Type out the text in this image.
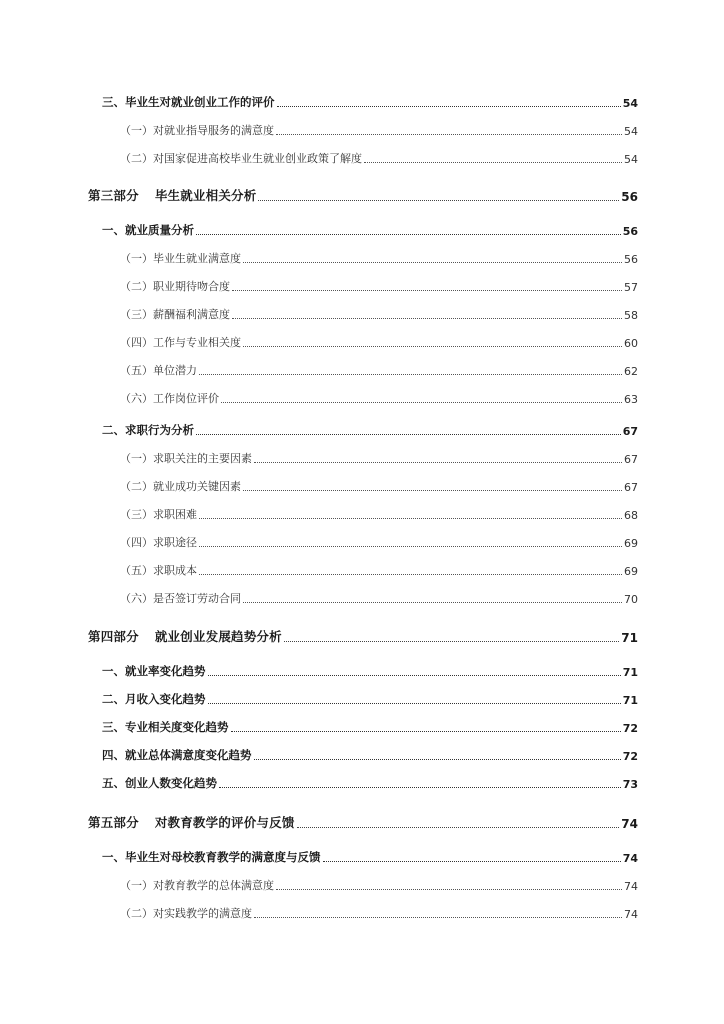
三、毕业生对就业创业工作的评价	54
（一）对就业指导服务的满意度	54
（二）对国家促进高校毕业生就业创业政策了解度	54
第三部分 毕生就业相关分析	56
一、就业质量分析	56
（一）毕业生就业满意度	56
（二）职业期待吻合度	57
（三）薪酬福利满意度	58
（四）工作与专业相关度	60
（五）单位潜力	62
（六）工作岗位评价	63
二、求职行为分析	67
（一）求职关注的主要因素	67
（二）就业成功关键因素	67
（三）求职困难	68
（四）求职途径	69
（五）求职成本	69
（六）是否签订劳动合同	70
第四部分 就业创业发展趋势分析	71
一、就业率变化趋势	71
二、月收入变化趋势	71
三、专业相关度变化趋势	72
四、就业总体满意度变化趋势	72
五、创业人数变化趋势	73
第五部分 对教育教学的评价与反馈	74
一、毕业生对母校教育教学的满意度与反馈	74
（一）对教育教学的总体满意度	74
（二）对实践教学的满意度	74
